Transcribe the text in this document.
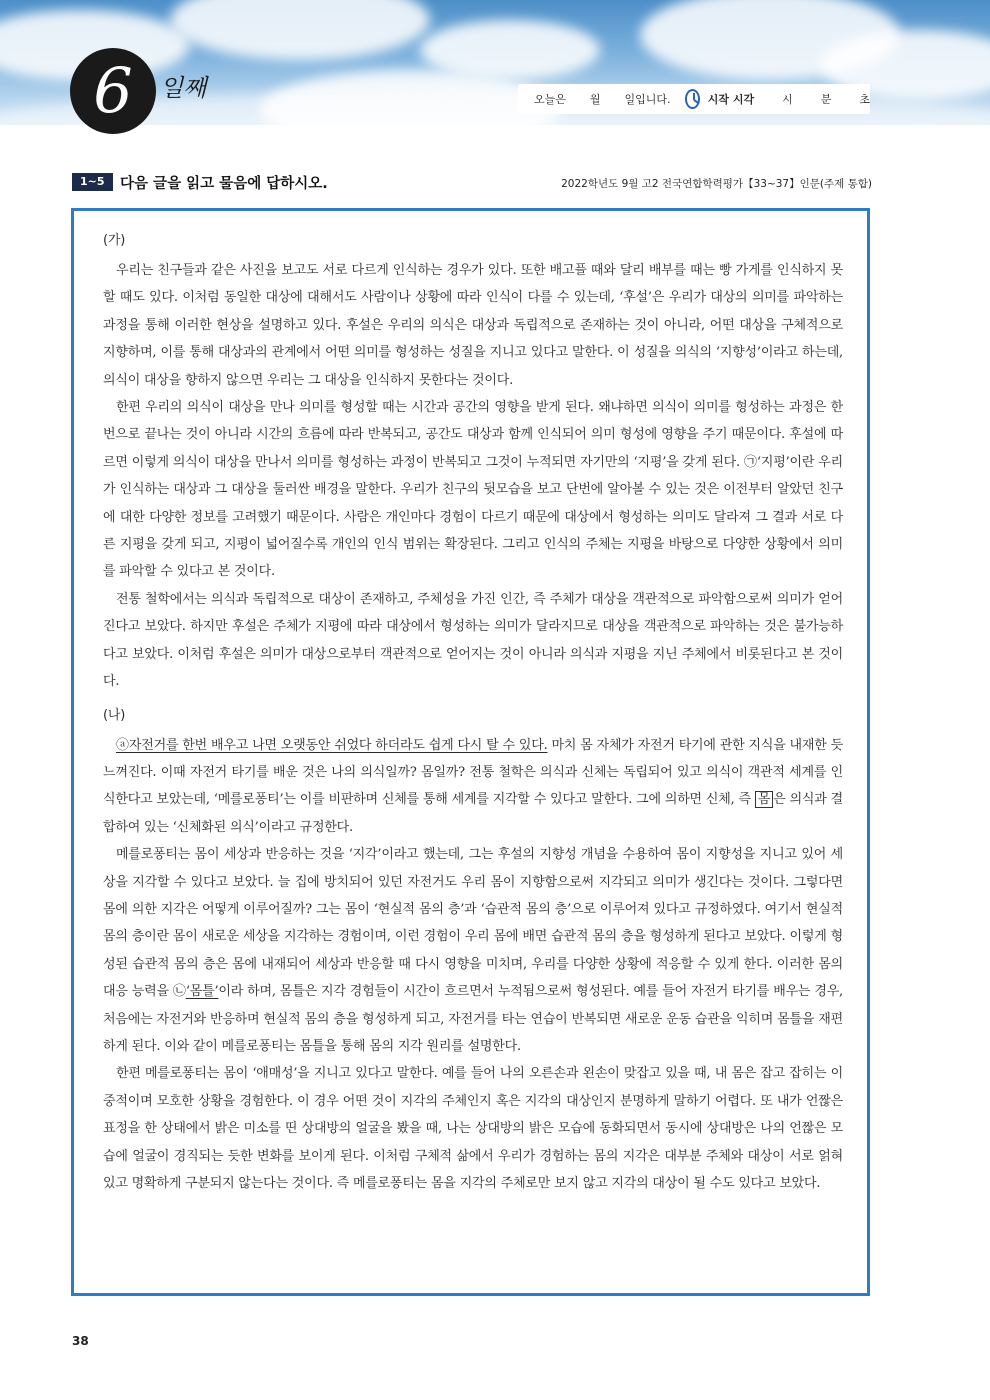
6	일째	오늘은 월 일입니다.	시작 시각	시	분	초
1~5	다음 글을 읽고 물음에 답하시오.	2022학년도 9월 고2 전국연합학력평가【33~37】인문(주제 통합)
(가)

우리는 친구들과 같은 사진을 보고도 서로 다르게 인식하는 경우가 있다. 또한 배고플 때와 달리 배부를 때는 빵 가게를 인식하지 못할 때도 있다. 이처럼 동일한 대상에 대해서도 사람이나 상황에 따라 인식이 다를 수 있는데, ‘후설’은 우리가 대상의 의미를 파악하는 과정을 통해 이러한 현상을 설명하고 있다. 후설은 우리의 의식은 대상과 독립적으로 존재하는 것이 아니라, 어떤 대상을 구체적으로 지향하며, 이를 통해 대상과의 관계에서 어떤 의미를 형성하는 성질을 지니고 있다고 말한다. 이 성질을 의식의 ‘지향성’이라고 하는데, 의식이 대상을 향하지 않으면 우리는 그 대상을 인식하지 못한다는 것이다.

한편 우리의 의식이 대상을 만나 의미를 형성할 때는 시간과 공간의 영향을 받게 된다. 왜냐하면 의식이 의미를 형성하는 과정은 한 번으로 끝나는 것이 아니라 시간의 흐름에 따라 반복되고, 공간도 대상과 함께 인식되어 의미 형성에 영향을 주기 때문이다. 후설에 따르면 이렇게 의식이 대상을 만나서 의미를 형성하는 과정이 반복되고 그것이 누적되면 자기만의 ‘지평’을 갖게 된다. ㉠‘지평’이란 우리가 인식하는 대상과 그 대상을 둘러싼 배경을 말한다. 우리가 친구의 뒷모습을 보고 단번에 알아볼 수 있는 것은 이전부터 알았던 친구에 대한 다양한 정보를 고려했기 때문이다. 사람은 개인마다 경험이 다르기 때문에 대상에서 형성하는 의미도 달라져 그 결과 서로 다른 지평을 갖게 되고, 지평이 넓어질수록 개인의 인식 범위는 확장된다. 그리고 인식의 주체는 지평을 바탕으로 다양한 상황에서 의미를 파악할 수 있다고 본 것이다.

전통 철학에서는 의식과 독립적으로 대상이 존재하고, 주체성을 가진 인간, 즉 주체가 대상을 객관적으로 파악함으로써 의미가 얻어진다고 보았다. 하지만 후설은 주체가 지평에 따라 대상에서 형성하는 의미가 달라지므로 대상을 객관적으로 파악하는 것은 불가능하다고 보았다. 이처럼 후설은 의미가 대상으로부터 객관적으로 얻어지는 것이 아니라 의식과 지평을 지닌 주체에서 비롯된다고 본 것이다.

(나)

ⓐ자전거를 한번 배우고 나면 오랫동안 쉬었다 하더라도 쉽게 다시 탈 수 있다. 마치 몸 자체가 자전거 타기에 관한 지식을 내재한 듯 느껴진다. 이때 자전거 타기를 배운 것은 나의 의식일까? 몸일까? 전통 철학은 의식과 신체는 독립되어 있고 의식이 객관적 세계를 인식한다고 보았는데, ‘메를로퐁티’는 이를 비판하며 신체를 통해 세계를 지각할 수 있다고 말한다. 그에 의하면 신체, 즉 몸 은 의식과 결합하여 있는 ‘신체화된 의식’이라고 규정한다.

메를로퐁티는 몸이 세상과 반응하는 것을 ‘지각’이라고 했는데, 그는 후설의 지향성 개념을 수용하여 몸이 지향성을 지니고 있어 세상을 지각할 수 있다고 보았다. 늘 집에 방치되어 있던 자전거도 우리 몸이 지향함으로써 지각되고 의미가 생긴다는 것이다. 그렇다면 몸에 의한 지각은 어떻게 이루어질까? 그는 몸이 ‘현실적 몸의 층’과 ‘습관적 몸의 층’으로 이루어져 있다고 규정하였다. 여기서 현실적 몸의 층이란 몸이 새로운 세상을 지각하는 경험이며, 이런 경험이 우리 몸에 배면 습관적 몸의 층을 형성하게 된다고 보았다. 이렇게 형성된 습관적 몸의 층은 몸에 내재되어 세상과 반응할 때 다시 영향을 미치며, 우리를 다양한 상황에 적응할 수 있게 한다. 이러한 몸의 대응 능력을 ㉡‘몸틀’이라 하며, 몸틀은 지각 경험들이 시간이 흐르면서 누적됨으로써 형성된다. 예를 들어 자전거 타기를 배우는 경우, 처음에는 자전거와 반응하며 현실적 몸의 층을 형성하게 되고, 자전거를 타는 연습이 반복되면 새로운 운동 습관을 익히며 몸틀을 재편하게 된다. 이와 같이 메를로퐁티는 몸틀을 통해 몸의 지각 원리를 설명한다.

한편 메를로퐁티는 몸이 ‘애매성’을 지니고 있다고 말한다. 예를 들어 나의 오른손과 왼손이 맞잡고 있을 때, 내 몸은 잡고 잡히는 이중적이며 모호한 상황을 경험한다. 이 경우 어떤 것이 지각의 주체인지 혹은 지각의 대상인지 분명하게 말하기 어렵다. 또 내가 언짢은 표정을 한 상태에서 밝은 미소를 띤 상대방의 얼굴을 봤을 때, 나는 상대방의 밝은 모습에 동화되면서 동시에 상대방은 나의 언짢은 모습에 얼굴이 경직되는 듯한 변화를 보이게 된다. 이처럼 구체적 삶에서 우리가 경험하는 몸의 지각은 대부분 주체와 대상이 서로 얽혀 있고 명확하게 구분되지 않는다는 것이다. 즉 메를로퐁티는 몸을 지각의 주체로만 보지 않고 지각의 대상이 될 수도 있다고 보았다.

38
